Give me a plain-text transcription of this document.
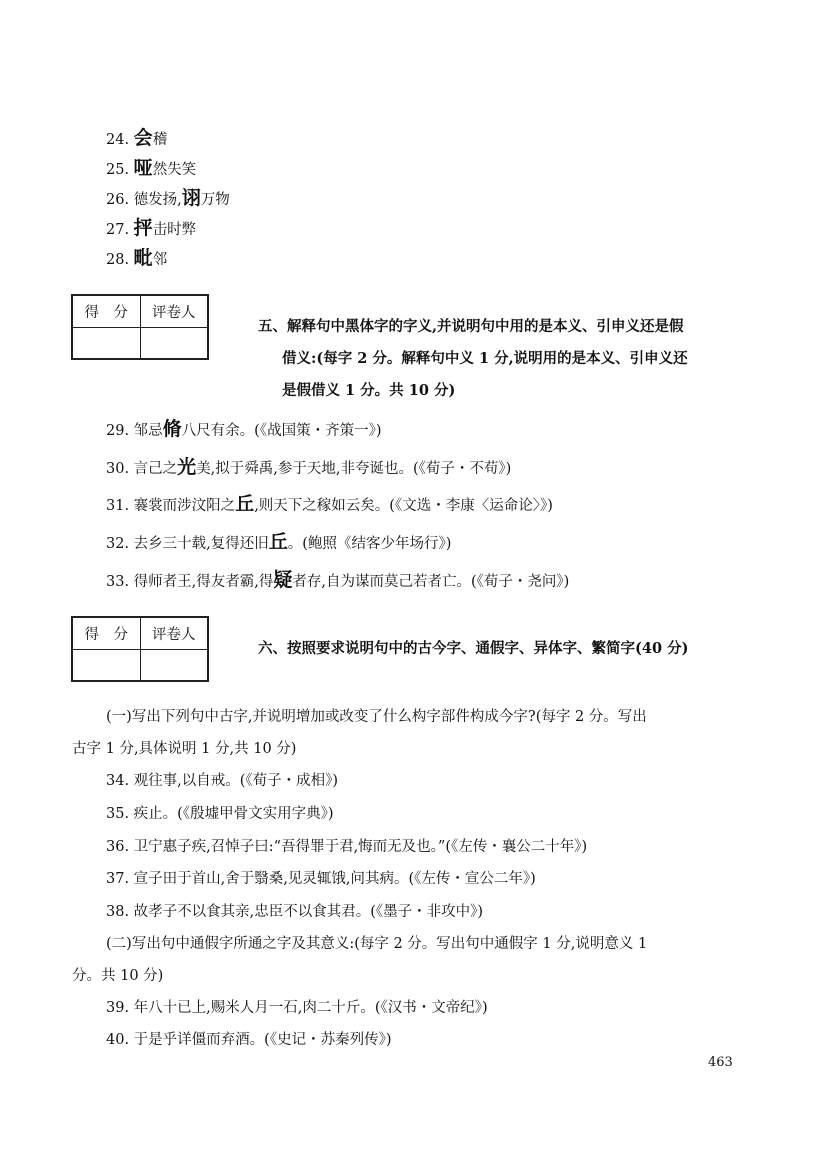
24. 会稽
25. 哑然失笑
26. 德发扬,诩万物
27. 抨击时弊
28. 毗邻
得　分	评卷人

五、解释句中黑体字的字义,并说明句中用的是本义、引申义还是假
借义:(每字 2 分。解释句中义 1 分,说明用的是本义、引申义还
是假借义 1 分。共 10 分)
29. 邹忌脩八尺有余。(《战国策・齐策一》)
30. 言己之光美,拟于舜禹,参于天地,非夸诞也。(《荀子・不苟》)
31. 褰裳而涉汶阳之丘,则天下之稼如云矣。(《文选・李康〈运命论〉》)
32. 去乡三十载,复得还旧丘。(鲍照《结客少年场行》)
33. 得师者王,得友者霸,得疑者存,自为谋而莫己若者亡。(《荀子・尧问》)
得　分	评卷人

六、按照要求说明句中的古今字、通假字、异体字、繁简字(40 分)
(一)写出下列句中古字,并说明增加或改变了什么构字部件构成今字?(每字 2 分。写出
古字 1 分,具体说明 1 分,共 10 分)
34. 观往事,以自戒。(《荀子・成相》)
35. 疾止。(《殷墟甲骨文实用字典》)
36. 卫宁惠子疾,召悼子曰:“吾得罪于君,悔而无及也。”(《左传・襄公二十年》)
37. 宣子田于首山,舍于翳桑,见灵辄饿,问其病。(《左传・宣公二年》)
38. 故孝子不以食其亲,忠臣不以食其君。(《墨子・非攻中》)
(二)写出句中通假字所通之字及其意义:(每字 2 分。写出句中通假字 1 分,说明意义 1
分。共 10 分)
39. 年八十已上,赐米人月一石,肉二十斤。(《汉书・文帝纪》)
40. 于是乎详僵而弃酒。(《史记・苏秦列传》)
463
